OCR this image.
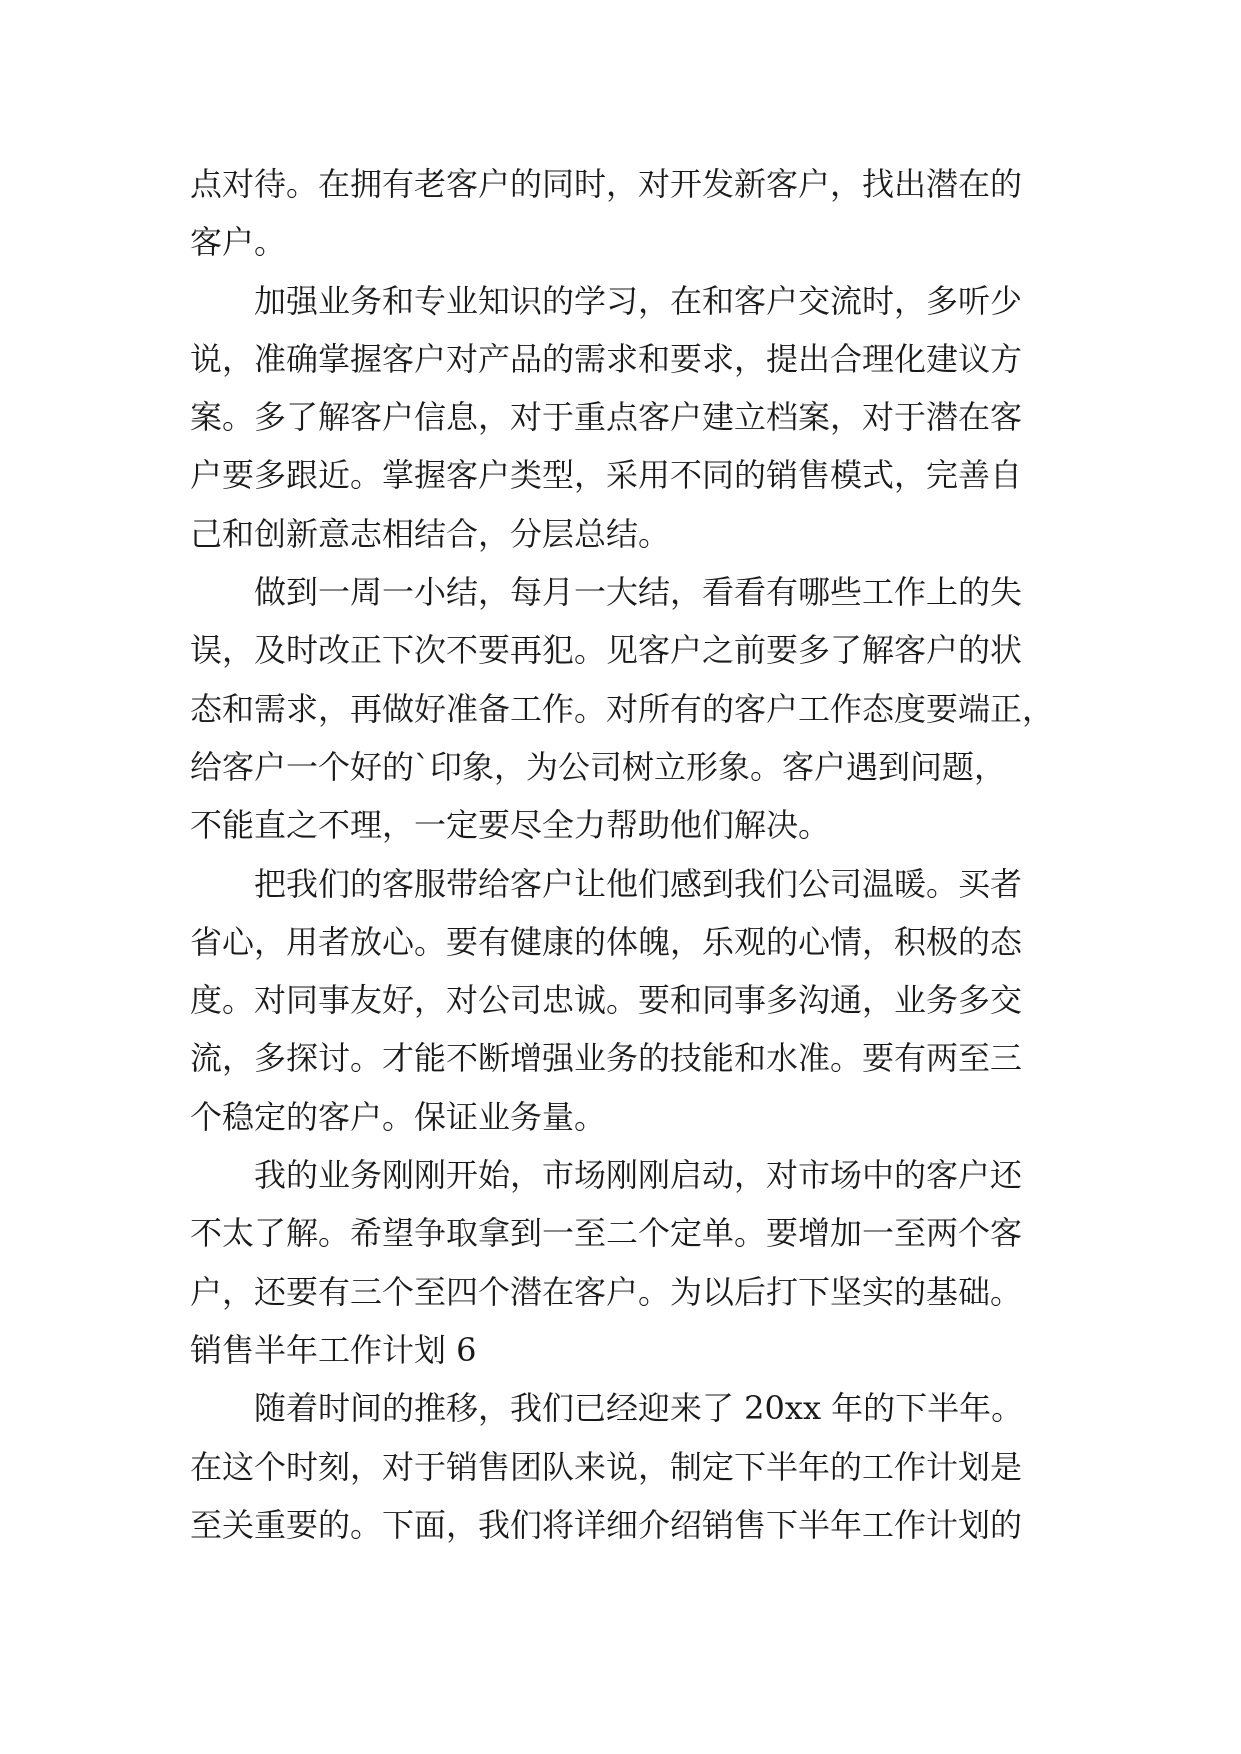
点对待。在拥有老客户的同时，对开发新客户，找出潜在的
客户。
加强业务和专业知识的学习，在和客户交流时，多听少
说，准确掌握客户对产品的需求和要求，提出合理化建议方
案。多了解客户信息，对于重点客户建立档案，对于潜在客
户要多跟近。掌握客户类型，采用不同的销售模式，完善自
己和创新意志相结合，分层总结。
做到一周一小结，每月一大结，看看有哪些工作上的失
误，及时改正下次不要再犯。见客户之前要多了解客户的状
态和需求，再做好准备工作。对所有的客户工作态度要端正，
给客户一个好的`印象，为公司树立形象。客户遇到问题，
不能直之不理，一定要尽全力帮助他们解决。
把我们的客服带给客户让他们感到我们公司温暖。买者
省心，用者放心。要有健康的体魄，乐观的心情，积极的态
度。对同事友好，对公司忠诚。要和同事多沟通，业务多交
流，多探讨。才能不断增强业务的技能和水准。要有两至三
个稳定的客户。保证业务量。
我的业务刚刚开始，市场刚刚启动，对市场中的客户还
不太了解。希望争取拿到一至二个定单。要增加一至两个客
户，还要有三个至四个潜在客户。为以后打下坚实的基础。
销售半年工作计划 6
随着时间的推移，我们已经迎来了 20xx 年的下半年。
在这个时刻，对于销售团队来说，制定下半年的工作计划是
至关重要的。下面，我们将详细介绍销售下半年工作计划的
